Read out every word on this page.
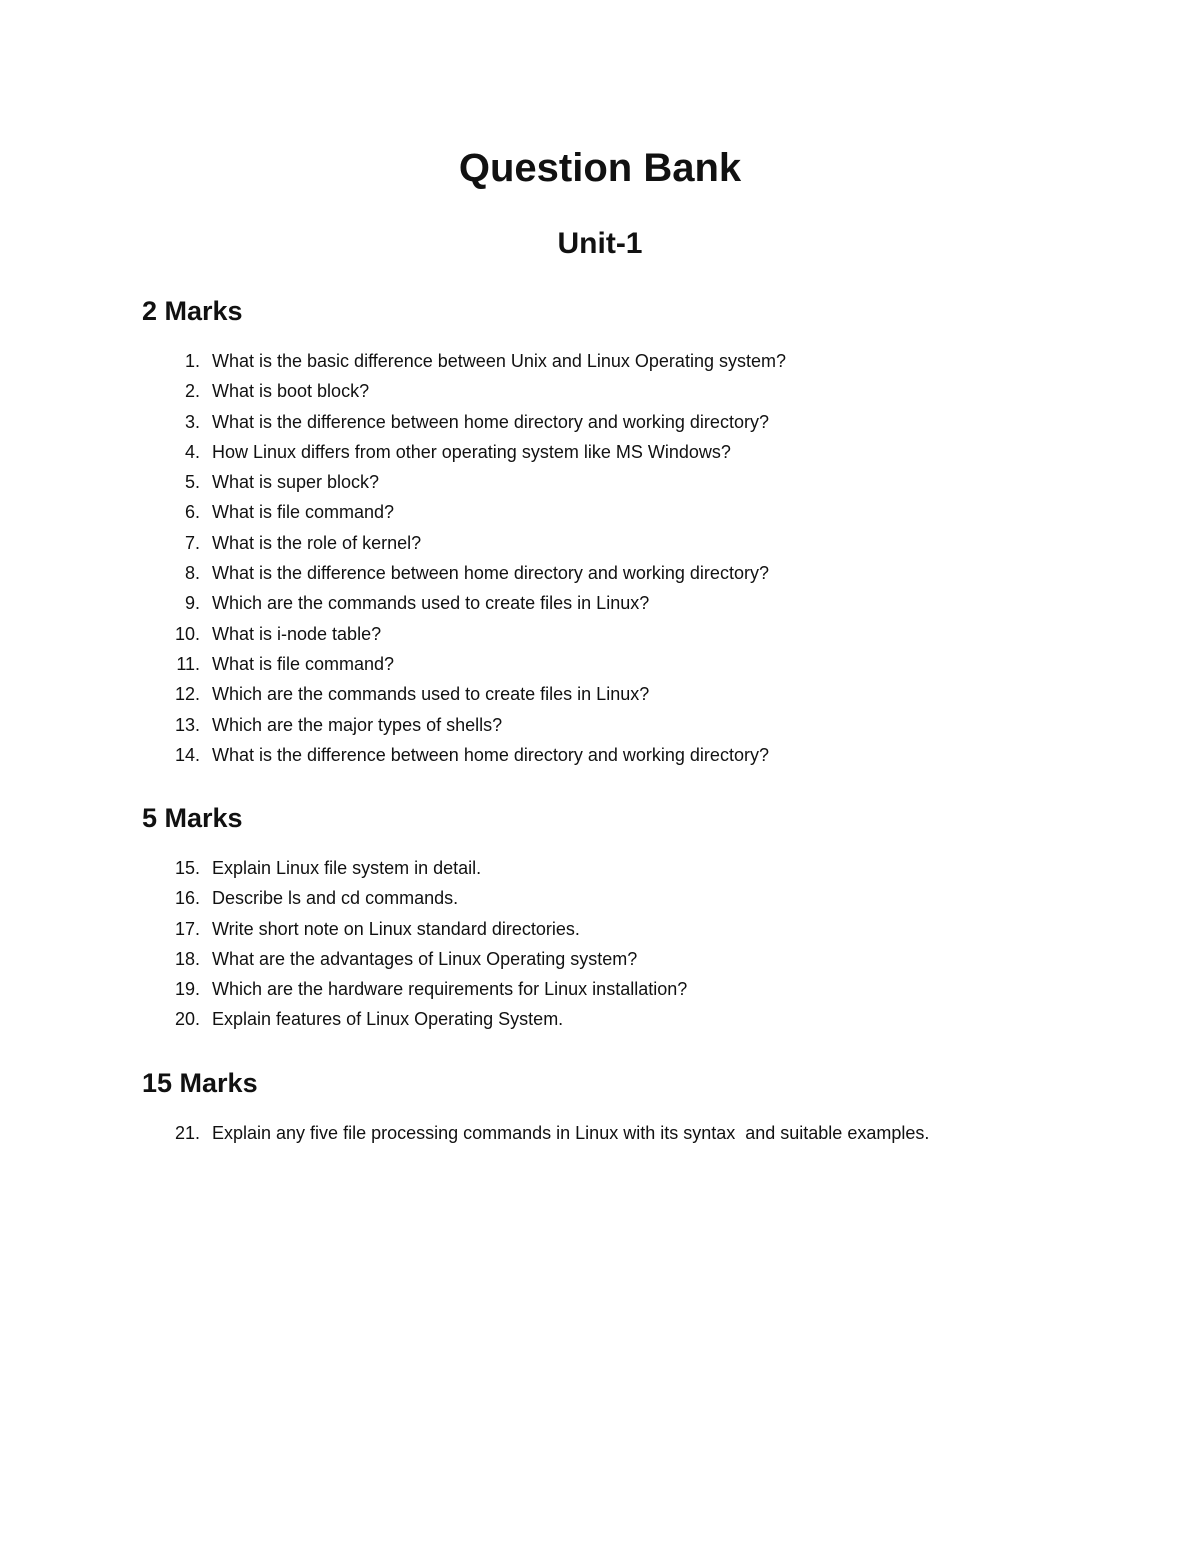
Question Bank
Unit-1
2 Marks
1. What is the basic difference between Unix and Linux Operating system?
2. What is boot block?
3. What is the difference between home directory and working directory?
4. How Linux differs from other operating system like MS Windows?
5. What is super block?
6. What is file command?
7. What is the role of kernel?
8. What is the difference between home directory and working directory?
9. Which are the commands used to create files in Linux?
10. What is i-node table?
11. What is file command?
12. Which are the commands used to create files in Linux?
13. Which are the major types of shells?
14. What is the difference between home directory and working directory?
5 Marks
15. Explain Linux file system in detail.
16. Describe ls and cd commands.
17. Write short note on Linux standard directories.
18. What are the advantages of Linux Operating system?
19. Which are the hardware requirements for Linux installation?
20. Explain features of Linux Operating System.
15 Marks
21. Explain any five file processing commands in Linux with its syntax  and suitable examples.
